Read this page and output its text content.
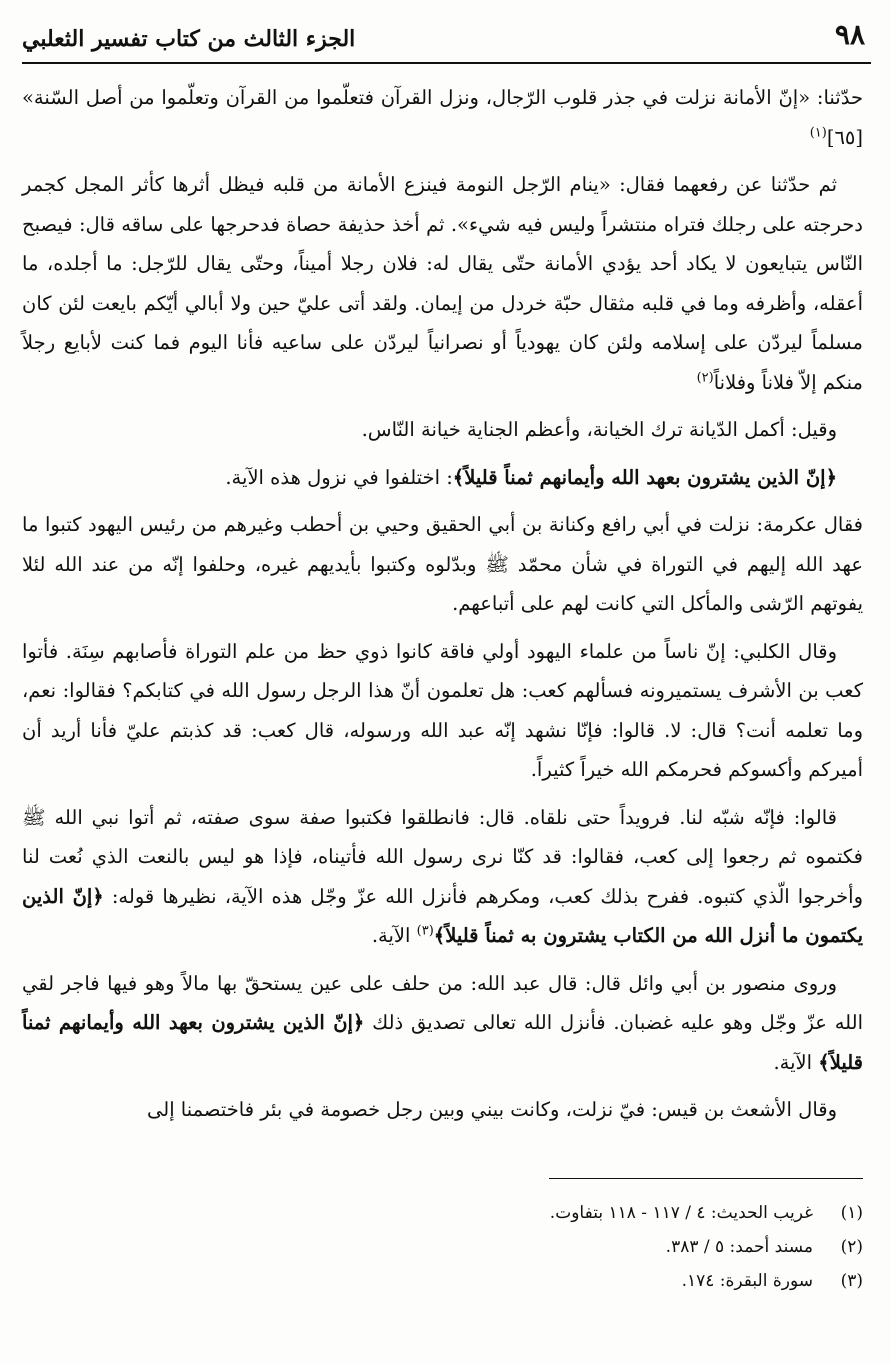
٩٨
الجزء الثالث من كتاب تفسير الثعلبي

حدّثنا: «إنّ الأمانة نزلت في جذر قلوب الرّجال، ونزل القرآن فتعلّموا من القرآن وتعلّموا من أصل السّنة» [٦٥]$^{(١)}$

ثم حدّثنا عن رفعهما فقال: «ينام الرّجل النومة فينزع الأمانة من قلبه فيظل أثرها كأثر المجل كجمر دحرجته على رجلك فتراه منتشراً وليس فيه شيء». ثم أخذ حذيفة حصاة فدحرجها على ساقه قال: فيصبح النّاس يتبايعون لا يكاد أحد يؤدي الأمانة حتّى يقال له: فلان رجلا أميناً، وحتّى يقال للرّجل: ما أجلده، ما أعقله، وأظرفه وما في قلبه مثقال حبّة خردل من إيمان. ولقد أتى عليّ حين ولا أبالي أيّكم بايعت لئن كان مسلماً ليردّن على إسلامه ولئن كان يهودياً أو نصرانياً ليردّن على ساعيه فأنا اليوم فما كنت لأبايع رجلاً منكم إلاّ فلاناً وفلاناً$^{(٢)}$

وقيل: أكمل الدّيانة ترك الخيانة، وأعظم الجناية خيانة النّاس.

﴿إنّ الذين يشترون بعهد الله وأيمانهم ثمناً قليلاً﴾: اختلفوا في نزول هذه الآية.

فقال عكرمة: نزلت في أبي رافع وكنانة بن أبي الحقيق وحيي بن أحطب وغيرهم من رئيس اليهود كتبوا ما عهد الله إليهم في التوراة في شأن محمّد ﷺ وبدّلوه وكتبوا بأيديهم غيره، وحلفوا إنّه من عند الله لئلا يفوتهم الرّشى والمأكل التي كانت لهم على أتباعهم.

وقال الكلبي: إنّ ناساً من علماء اليهود أولي فاقة كانوا ذوي حظ من علم التوراة فأصابهم سِنَة. فأتوا كعب بن الأشرف يستميرونه فسألهم كعب: هل تعلمون أنّ هذا الرجل رسول الله في كتابكم؟ فقالوا: نعم، وما تعلمه أنت؟ قال: لا. قالوا: فإنّا نشهد إنّه عبد الله ورسوله، قال كعب: قد كذبتم عليّ فأنا أريد أن أميركم وأكسوكم فحرمكم الله خيراً كثيراً.

قالوا: فإنّه شبّه لنا. فرويداً حتى نلقاه. قال: فانطلقوا فكتبوا صفة سوى صفته، ثم أتوا نبي الله ﷺ فكتموه ثم رجعوا إلى كعب، فقالوا: قد كنّا نرى رسول الله فأتيناه، فإذا هو ليس بالنعت الذي نُعت لنا وأخرجوا الّذي كتبوه. ففرح بذلك كعب، ومكرهم فأنزل الله عزّ وجّل هذه الآية، نظيرها قوله: ﴿إنّ الذين يكتمون ما أنزل الله من الكتاب يشترون به ثمناً قليلاً﴾$^{(٣)}$ الآية.

وروى منصور بن أبي وائل قال: قال عبد الله: من حلف على عين يستحقّ بها مالاً وهو فيها فاجر لقي الله عزّ وجّل وهو عليه غضبان. فأنزل الله تعالى تصديق ذلك ﴿إنّ الذين يشترون بعهد الله وأيمانهم ثمناً قليلاً﴾ الآية.

وقال الأشعث بن قيس: فيّ نزلت، وكانت بيني وبين رجل خصومة في بئر فاختصمنا إلى

(١)
غريب الحديث: ٤ / ١١٧ - ١١٨ بتفاوت.
(٢)
مسند أحمد: ٥ / ٣٨٣.
(٣)
سورة البقرة: ١٧٤.
